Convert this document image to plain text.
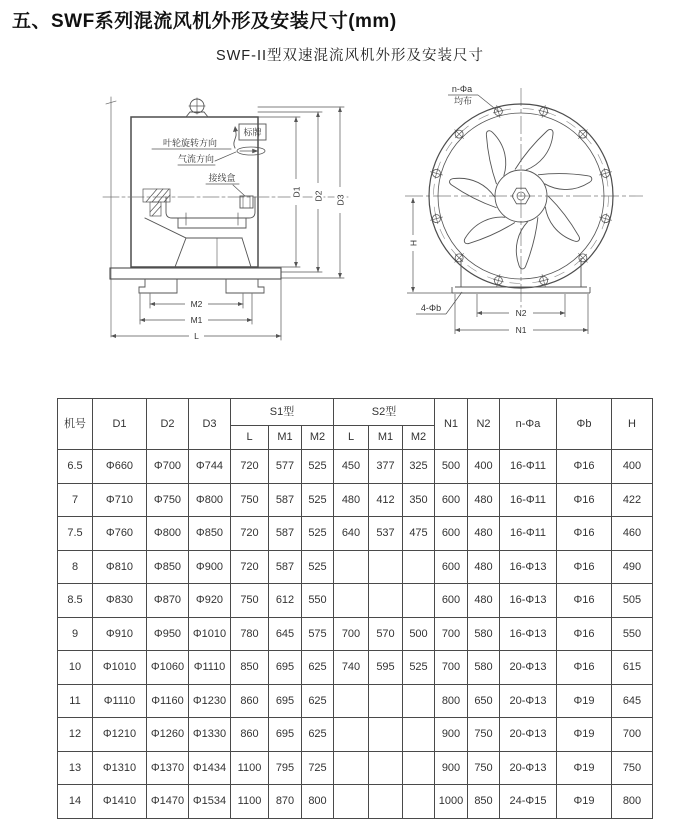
五、SWF系列混流风机外形及安装尺寸(mm)
SWF-II型双速混流风机外形及安装尺寸
叶轮旋转方向
标牌
气流方向
接线盒
M2
M1
L
D1 D2 D3
n-Φa
均布
4-Φb	N2
N1
H
机号	D1	D2	D3	S1型			S2型			N1	N2	n-Φa	Φb	H
				L	M1	M2	L	M1	M2					
6.5	Φ660	Φ700	Φ744	720	577	525	450	377	325	500	400	16-Φ11	Φ16	400
7	Φ710	Φ750	Φ800	750	587	525	480	412	350	600	480	16-Φ11	Φ16	422
7.5	Φ760	Φ800	Φ850	720	587	525	640	537	475	600	480	16-Φ11	Φ16	460
8	Φ810	Φ850	Φ900	720	587	525				600	480	16-Φ13	Φ16	490
8.5	Φ830	Φ870	Φ920	750	612	550				600	480	16-Φ13	Φ16	505
9	Φ910	Φ950	Φ1010	780	645	575	700	570	500	700	580	16-Φ13	Φ16	550
10	Φ1010	Φ1060	Φ1110	850	695	625	740	595	525	700	580	20-Φ13	Φ16	615
11	Φ1110	Φ1160	Φ1230	860	695	625				800	650	20-Φ13	Φ19	645
12	Φ1210	Φ1260	Φ1330	860	695	625				900	750	20-Φ13	Φ19	700
13	Φ1310	Φ1370	Φ1434	1100	795	725				900	750	20-Φ13	Φ19	750
14	Φ1410	Φ1470	Φ1534	1100	870	800				1000	850	24-Φ15	Φ19	800
